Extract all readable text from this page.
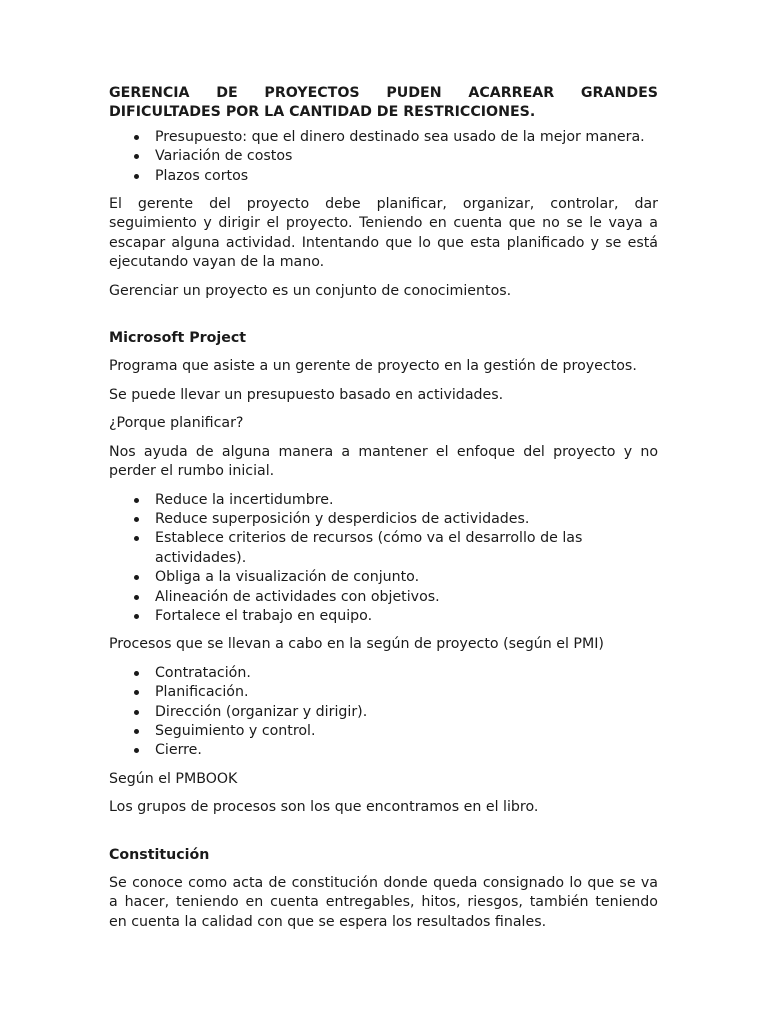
GERENCIA DE PROYECTOS PUDEN ACARREAR GRANDES DIFICULTADES POR LA CANTIDAD DE RESTRICCIONES.

Presupuesto: que el dinero destinado sea usado de la mejor manera.
Variación de costos
Plazos cortos

El gerente del proyecto debe planificar, organizar, controlar, dar seguimiento y dirigir el proyecto. Teniendo en cuenta que no se le vaya a escapar alguna actividad. Intentando que lo que esta planificado y se está ejecutando vayan de la mano.

Gerenciar un proyecto es un conjunto de conocimientos.

Microsoft Project

Programa que asiste a un gerente de proyecto en la gestión de proyectos.

Se puede llevar un presupuesto basado en actividades.

¿Porque planificar?

Nos ayuda de alguna manera a mantener el enfoque del proyecto y no perder el rumbo inicial.

Reduce la incertidumbre.
Reduce superposición y desperdicios de actividades.
Establece criterios de recursos (cómo va el desarrollo de las actividades).
Obliga a la visualización de conjunto.
Alineación de actividades con objetivos.
Fortalece el trabajo en equipo.

Procesos que se llevan a cabo en la según de proyecto (según el PMI)

Contratación.
Planificación.
Dirección (organizar y dirigir).
Seguimiento y control.
Cierre.

Según el PMBOOK

Los grupos de procesos son los que encontramos en el libro.

Constitución

Se conoce como acta de constitución donde queda consignado lo que se va a hacer, teniendo en cuenta entregables, hitos, riesgos, también teniendo en cuenta la calidad con que se espera los resultados finales.
